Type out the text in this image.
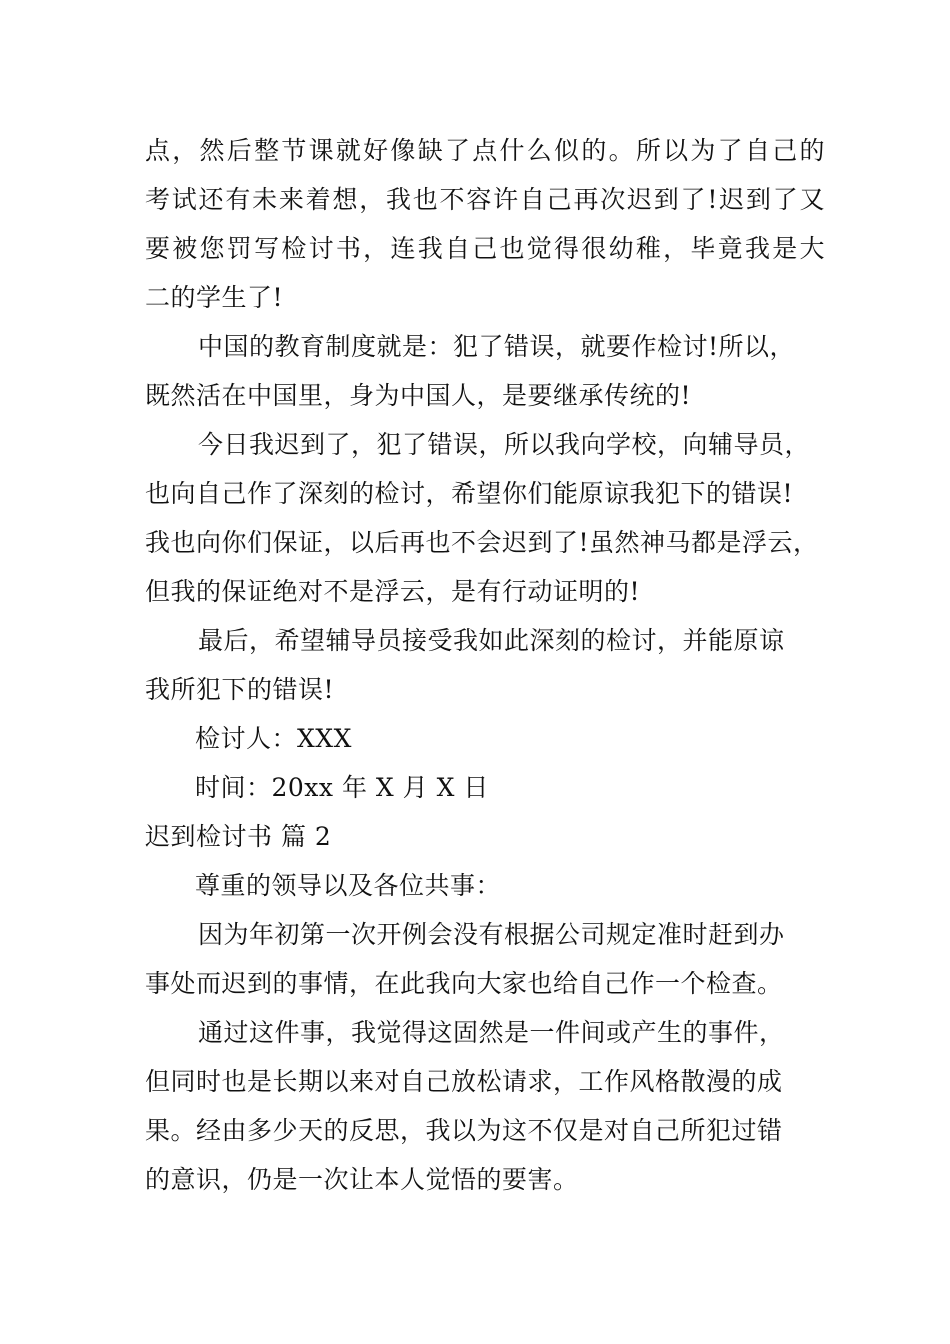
点，然后整节课就好像缺了点什么似的。所以为了自己的
考试还有未来着想，我也不容许自己再次迟到了!迟到了又
要被您罚写检讨书，连我自己也觉得很幼稚，毕竟我是大
二的学生了!
中国的教育制度就是：犯了错误，就要作检讨!所以，
既然活在中国里，身为中国人，是要继承传统的!
今日我迟到了，犯了错误，所以我向学校，向辅导员，
也向自己作了深刻的检讨，希望你们能原谅我犯下的错误!
我也向你们保证，以后再也不会迟到了!虽然神马都是浮云，
但我的保证绝对不是浮云，是有行动证明的!
最后，希望辅导员接受我如此深刻的检讨，并能原谅
我所犯下的错误!
检讨人：XXX
时间：20xx 年 X 月 X 日
迟到检讨书 篇 2
尊重的领导以及各位共事：
因为年初第一次开例会没有根据公司规定准时赶到办
事处而迟到的事情，在此我向大家也给自己作一个检查。
通过这件事，我觉得这固然是一件间或产生的事件，
但同时也是长期以来对自己放松请求，工作风格散漫的成
果。经由多少天的反思，我以为这不仅是对自己所犯过错
的意识，仍是一次让本人觉悟的要害。
